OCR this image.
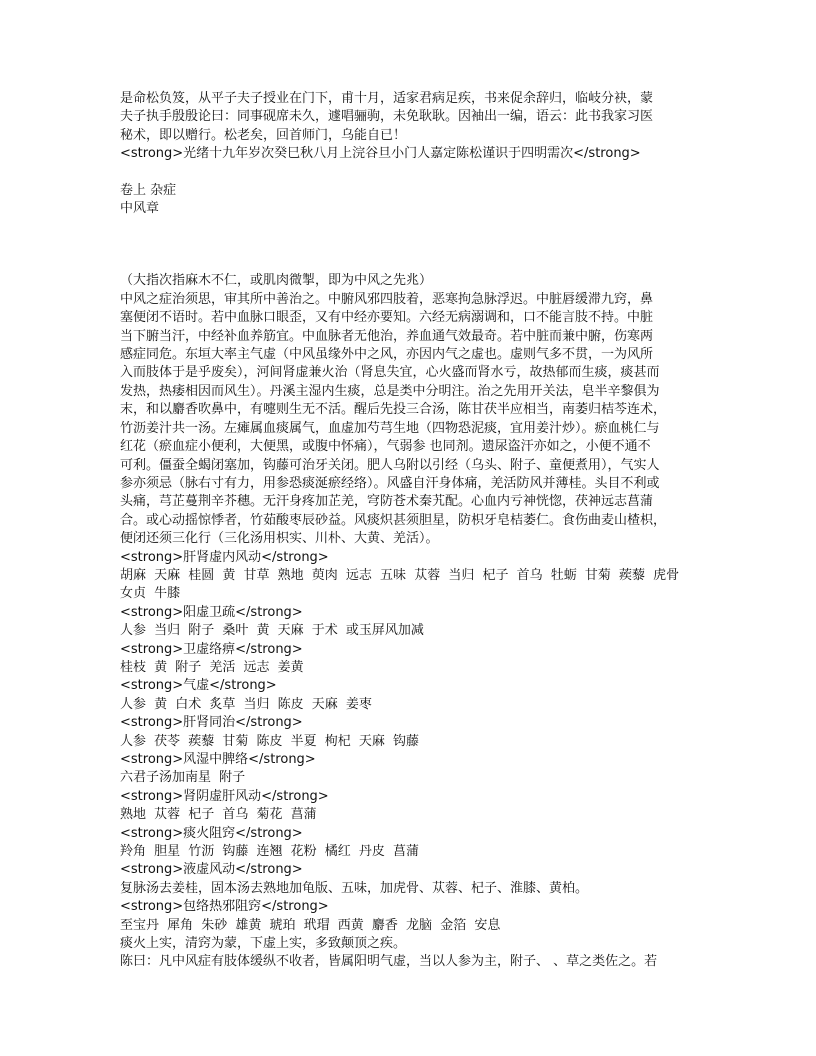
是命松负笈，从平子夫子授业在门下，甫十月，适家君病足疾，书来促余辞归，临岐分袂，蒙
夫子执手殷殷论曰：同事砚席未久，遽唱骊驹，未免耿耿。因袖出一编，语云：此书我家习医
秘术，即以赠行。松老矣，回首师门，乌能自已！
<strong>光绪十九年岁次癸巳秋八月上浣谷旦小门人嘉定陈松谨识于四明需次</strong>
卷上 杂症
中风章
（大指次指麻木不仁，或肌肉微掣，即为中风之先兆）
中风之症治须思，审其所中善治之。中腑风邪四肢着，恶寒拘急脉浮迟。中脏唇缓滞九窍，鼻
塞便闭不语时。若中血脉口眼歪，又有中经亦要知。六经无病溺调和，口不能言肢不持。中脏
当下腑当汗，中经补血养筋宜。中血脉者无他治，养血通气效最奇。若中脏而兼中腑，伤寒两
感症同危。东垣大率主气虚（中风虽缘外中之风，亦因内气之虚也。虚则气多不贯，一为风所
入而肢体于是乎废矣），河间肾虚兼火治（肾息失宜，心火盛而肾水亏，故热郁而生痰，痰甚而
发热，热痿相因而风生）。丹溪主湿内生痰，总是类中分明注。治之先用开关法，皂半辛黎俱为
末，和以麝香吹鼻中，有嚏则生无不活。醒后先投三合汤，陈甘茯半应相当，南萎归桔芩连术，
竹沥姜汁共一汤。左瘫属血痰属气，血虚加芍芎生地（四物恐泥痰，宜用姜汁炒）。瘀血桃仁与
红花（瘀血症小便利，大便黑，或腹中怀痛），气弱参 也同剂。遗尿盗汗亦如之，小便不通不
可利。僵蚕全蝎闭塞加，钩藤可治牙关闭。肥人乌附以引经（乌头、附子、童便煮用），气实人
参亦须忌（脉右寸有力，用参恐痰涎瘀经络）。风盛自汗身体痛，羌活防风并薄桂。头目不利或
头痛，芎芷蔓荆辛芥穗。无汗身疼加芷羌，穹防苍术秦艽配。心血内亏神恍惚，茯神远志菖蒲
合。或心动摇惊悸者，竹茹酸枣辰砂益。风痰炽甚须胆星，防枳牙皂桔萎仁。食伤曲麦山楂枳，
便闭还须三化行（三化汤用枳实、川朴、大黄、羌活）。
<strong>肝肾虚内风动</strong>
胡麻 天麻 桂圆 黄 甘草 熟地 萸肉 远志 五味 苁蓉 当归 杞子 首乌 牡蛎 甘菊 蒺藜 虎骨
女贞 牛膝
<strong>阳虚卫疏</strong>
人参 当归 附子 桑叶 黄 天麻 于术 或玉屏风加减
<strong>卫虚络痹</strong>
桂枝 黄 附子 羌活 远志 姜黄
<strong>气虚</strong>
人参 黄 白术 炙草 当归 陈皮 天麻 姜枣
<strong>肝肾同治</strong>
人参 茯苓 蒺藜 甘菊 陈皮 半夏 枸杞 天麻 钩藤
<strong>风湿中脾络</strong>
六君子汤加南星 附子
<strong>肾阴虚肝风动</strong>
熟地 苁蓉 杞子 首乌 菊花 菖蒲
<strong>痰火阻窍</strong>
羚角 胆星 竹沥 钩藤 连翘 花粉 橘红 丹皮 菖蒲
<strong>液虚风动</strong>
复脉汤去姜桂，固本汤去熟地加龟版、五味，加虎骨、苁蓉、杞子、淮膝、黄柏。
<strong>包络热邪阻窍</strong>
至宝丹 犀角 朱砂 雄黄 琥珀 玳瑁 西黄 麝香 龙脑 金箔 安息
痰火上实，清窍为蒙，下虚上实，多致颠顶之疾。
陈曰：凡中风症有肢体缓纵不收者，皆属阳明气虚，当以人参为主，附子、 、草之类佐之。若
